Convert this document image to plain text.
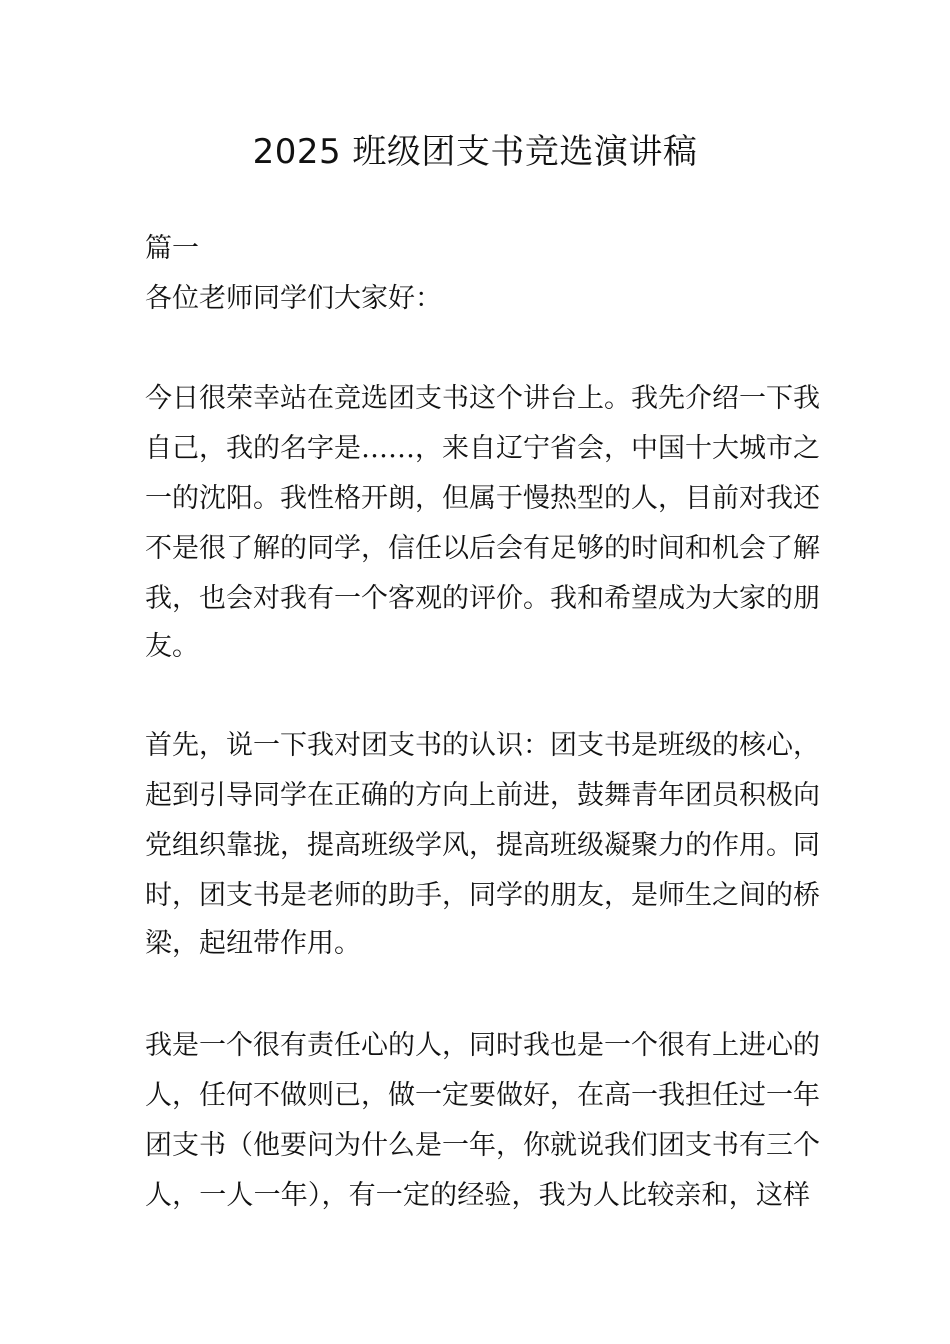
2025 班级团支书竞选演讲稿

篇一

各位老师同学们大家好：

今日很荣幸站在竞选团支书这个讲台上。我先介绍一下我

自己，我的名字是……，来自辽宁省会，中国十大城市之

一的沈阳。我性格开朗，但属于慢热型的人，目前对我还

不是很了解的同学，信任以后会有足够的时间和机会了解

我，也会对我有一个客观的评价。我和希望成为大家的朋

友。

首先，说一下我对团支书的认识：团支书是班级的核心，

起到引导同学在正确的方向上前进，鼓舞青年团员积极向

党组织靠拢，提高班级学风，提高班级凝聚力的作用。同

时，团支书是老师的助手，同学的朋友，是师生之间的桥

梁，起纽带作用。

我是一个很有责任心的人，同时我也是一个很有上进心的

人，任何不做则已，做一定要做好，在高一我担任过一年

团支书（他要问为什么是一年，你就说我们团支书有三个

人，一人一年），有一定的经验，我为人比较亲和，这样
